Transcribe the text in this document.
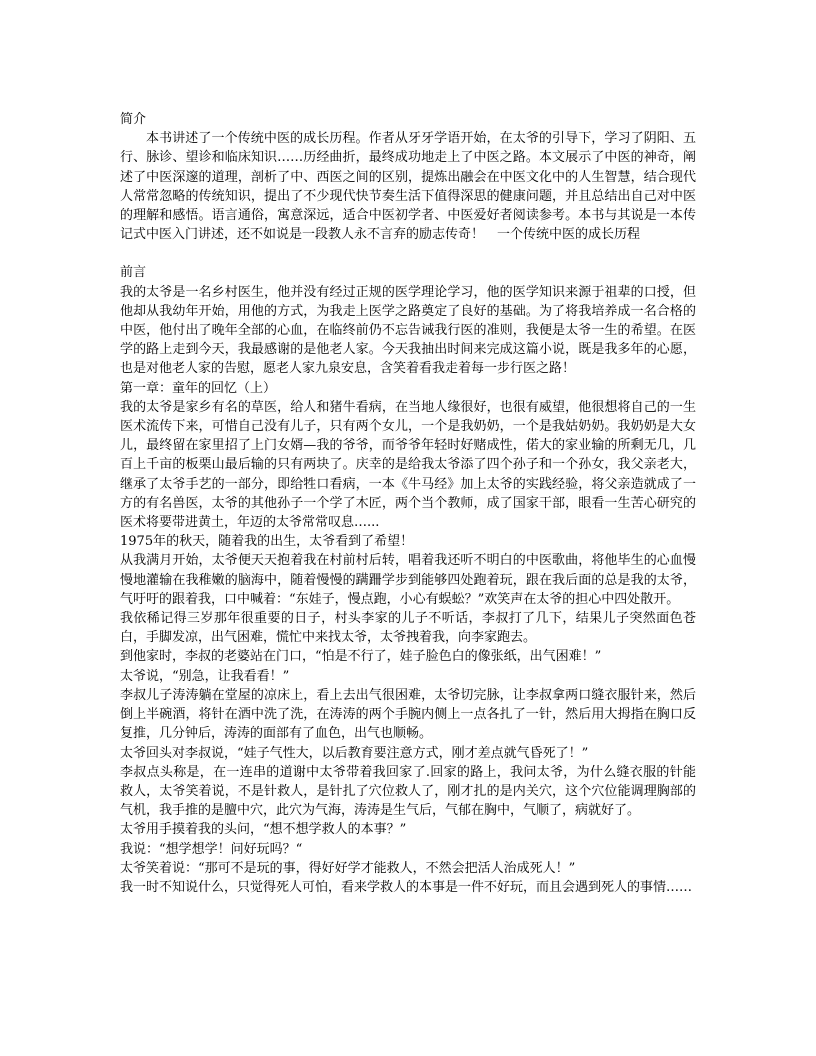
简介

本书讲述了一个传统中医的成长历程。作者从牙牙学语开始，在太爷的引导下，学习了阴阳、五行、脉诊、望诊和临床知识……历经曲折，最终成功地走上了中医之路。本文展示了中医的神奇，阐述了中医深邃的道理，剖析了中、西医之间的区别，提炼出融会在中医文化中的人生智慧，结合现代人常常忽略的传统知识，提出了不少现代快节奏生活下值得深思的健康问题，并且总结出自己对中医的理解和感悟。语言通俗，寓意深远，适合中医初学者、中医爱好者阅读参考。本书与其说是一本传记式中医入门讲述，还不如说是一段教人永不言弃的励志传奇！　一个传统中医的成长历程

前言

我的太爷是一名乡村医生，他并没有经过正规的医学理论学习，他的医学知识来源于祖辈的口授，但他却从我幼年开始，用他的方式，为我走上医学之路奠定了良好的基础。为了将我培养成一名合格的中医，他付出了晚年全部的心血，在临终前仍不忘告诫我行医的准则，我便是太爷一生的希望。在医学的路上走到今天，我最感谢的是他老人家。今天我抽出时间来完成这篇小说，既是我多年的心愿，也是对他老人家的告慰，愿老人家九泉安息，含笑着看我走着每一步行医之路！

第一章：童年的回忆（上）

我的太爷是家乡有名的草医，给人和猪牛看病，在当地人缘很好，也很有威望，他很想将自己的一生医术流传下来，可惜自己没有儿子，只有两个女儿，一个是我奶奶，一个是我姑奶奶。我奶奶是大女儿，最终留在家里招了上门女婿—我的爷爷，而爷爷年轻时好赌成性，偌大的家业输的所剩无几，几百上千亩的板栗山最后输的只有两块了。庆幸的是给我太爷添了四个孙子和一个孙女，我父亲老大，继承了太爷手艺的一部分，即给牲口看病，一本《牛马经》加上太爷的实践经验，将父亲造就成了一方的有名兽医，太爷的其他孙子一个学了木匠，两个当个教师，成了国家干部，眼看一生苦心研究的医术将要带进黄土，年迈的太爷常常叹息…...

1975年的秋天，随着我的出生，太爷看到了希望！

从我满月开始，太爷便天天抱着我在村前村后转，唱着我还听不明白的中医歌曲，将他毕生的心血慢慢地灌输在我稚嫩的脑海中，随着慢慢的蹒跚学步到能够四处跑着玩，跟在我后面的总是我的太爷，气吁吁的跟着我，口中喊着：“东娃子，慢点跑，小心有蜈蚣？”欢笑声在太爷的担心中四处散开。

我依稀记得三岁那年很重要的日子，村头李家的儿子不听话，李叔打了几下，结果儿子突然面色苍白，手脚发凉，出气困难，慌忙中来找太爷，太爷拽着我，向李家跑去。

到他家时，李叔的老婆站在门口，“怕是不行了，娃子脸色白的像张纸，出气困难！”

太爷说，“别急，让我看看！”

李叔儿子涛涛躺在堂屋的凉床上，看上去出气很困难，太爷切完脉，让李叔拿两口缝衣服针来，然后倒上半碗酒，将针在酒中洗了洗，在涛涛的两个手腕内侧上一点各扎了一针，然后用大拇指在胸口反复推，几分钟后，涛涛的面部有了血色，出气也顺畅。

太爷回头对李叔说，“娃子气性大，以后教育要注意方式，刚才差点就气昏死了！”

李叔点头称是，在一连串的道谢中太爷带着我回家了.回家的路上，我问太爷，为什么缝衣服的针能救人，太爷笑着说，不是针救人，是针扎了穴位救人了，刚才扎的是内关穴，这个穴位能调理胸部的气机，我手推的是膻中穴，此穴为气海，涛涛是生气后，气郁在胸中，气顺了，病就好了。

太爷用手摸着我的头问，“想不想学救人的本事？”

我说：“想学想学！问好玩吗？“

太爷笑着说：“那可不是玩的事，得好好学才能救人，不然会把活人治成死人！”

我一时不知说什么，只觉得死人可怕，看来学救人的本事是一件不好玩，而且会遇到死人的事情……
